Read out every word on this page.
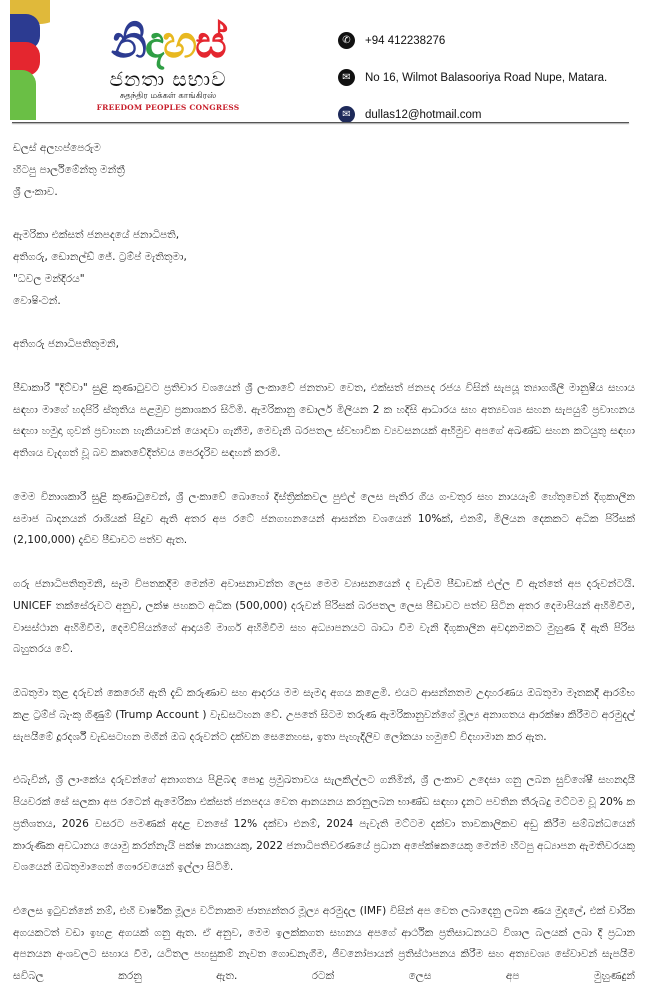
නි ද හ ස්
ජනතා සභාව
சுதந்திர மக்கள் காங்கிரஸ்
FREEDOM PEOPLES CONGRESS
✆	+94 412238276
✉	No 16, Wilmot Balasooriya Road Nupe, Matara.
✉	dullas12@hotmail.com

ඩලස් අලහප්පෙරුම

හිටපු පාර්ලිමේන්තු මන්ත්‍රී

ශ්‍රී ලංකාව.

ඇමරිකා එක්සත් ජනපදයේ ජනාධිපති,

අතිගරු, ඩොනල්ඩ් ජේ. ට්‍රම්ප් මැතිතුමා,

"ධවල මන්දිරය"

වොෂිංටන්.

අතිගරු ජනාධිපතිතුමනි,

පීඩාකාරී "දිට්වා" සුළි කුණාටුවට ප්‍රතිචාර වශයෙන් ශ්‍රී ලංකාවේ ජනතාව වෙත, එක්සත් ජනපද රජය විසින් සැපයූ ත්‍යාගශීලී මානුෂීය සහාය සඳහා මාගේ හදපිරි ස්තුතිය පළමුව ප්‍රකාශකර සිටිමි. ඇමරිකානු ඩොලර් මිලියන 2 ක හදිසි ආධාරය සහ අත්‍යවශ්‍ය සහන සැපයුම් ප්‍රවාහනය සඳහා හමුදා ගුවන් ප්‍රවාහන හැකියාවන් යොදවා ගැනීම, මෙවැනි බරපතල ස්වභාවික ව්‍යවසනයක් අභිමුව අපගේ අඛණ්ඩ සහන කටයුතු සඳහා අතිශය වැදගත් වූ බව කෘතවේදිත්වය පෙරදැරිව සඳහන් කරමි.

මෙම විනාශකාරී සුළි කුණාටුවෙන්, ශ්‍රී ලංකාවේ බොහෝ දිස්ත්‍රික්කවල පුළුල් ලෙස පැතිර ගිය ගංවතුර සහ නායයෑම් හේතුවෙන් දිගුකාලීන සමාජ බාදනයන් රාශියක් සිදුව ඇති අතර අප රටේ ජනගහනයෙන් ආසන්න වශයෙන් 10%ක්, එනම්, මිලියන දෙකකට අධික පිරිසක් (2,100,000) දැඩිව පීඩාවට පත්ව ඇත.

ගරු ජනාධිපතිතුමනි, සෑම විපතකදීම මෙන්ම අවාසනාවන්ත ලෙස මෙම ව්‍යාසනයෙන් ද වැඩිම පීඩාවක් එල්ල වී ඇත්තේ අප දරුවන්ටයි. UNICEF තක්සේරුවට අනුව, ලක්ෂ පහකට අධික (500,000) දරුවන් පිරිසක් බරපතල ලෙස පීඩාවට පත්ව සිටින අතර දෙමාපියන් අහිමිවීම, වාසස්ථාන අහිමිවීම, දෙමව්පියන්ගේ ආදායම් මාර්ග අහිමිවීම සහ අධ්‍යාපනයට බාධා වීම වැනි දිගුකාලීන අවදානමකට මුහුණ දී ඇති පිරිස බහුතරය වේ.

ඔබතුමා තුළ දරුවන් කෙරෙහි ඇති දැඩි කරුණාව සහ ආදරය මම සැමදා අගය කළෙමි. එයට ආසන්නතම උදාහරණය ඔබතුමා මෑතකදී ආරම්භ කළ ට්‍රම්ප් බැංකු ගිණුම් (Trump Account ) වැඩසටහන වේ. උපතේ සිටම තරුණ ඇමරිකානුවන්ගේ මූල්‍ය අනාගතය ආරක්ෂා කිරීමට අරමුදල් සැපයීමේ දූරදර්ශී වැඩසටහන මගින් ඔබ දරුවන්ට දක්වන සෙනෙහස, ඉතා පැහැදිලිව ලෝකයා හමුවේ විදහාමාන කර ඇත.

එබැවින්, ශ්‍රී ලාංකේය දරුවන්ගේ අනාගතය පිළිබඳ පොදු ප්‍රමුඛතාවය සැලකිල්ලට ගනිමින්, ශ්‍රී ලංකාව උදෙසා ගනු ලබන සුවිශේෂී සහනදායී පියවරක් සේ සලකා අප රටෙන් ඇමෙරිකා එක්සත් ජනපදය වෙත ආනයනය කරනුලබන භාණ්ඩ සඳහා දැනට පවතින තීරුබදු මට්ටම වූ 20% ක ප්‍රතිශතය, 2026 වසරට පමණක් අදාළ වනසේ 12% දක්වා එනම්, 2024 පැවැති මට්ටම දක්වා තාවකාලිකව අඩු කිරීම සම්බන්ධයෙන් කාරුණික අවධානය යොමු කරන්නැයි පක්ෂ නායකයකු, 2022 ජනාධිපතිවරණයේ ප්‍රධාන අපේක්ෂකයෙකු මෙන්ම හිටපු අධ්‍යාපන ඇමතිවරයකු වශයෙන් ඔබතුමාගෙන් ගෞරවයෙන් ඉල්ලා සිටිමි.

එලෙස ඉටුවන්නේ නම්, එහි වාර්ෂික මූල්‍ය වටිනාකම ජාත්‍යන්තර මූල්‍ය අරමුදල (IMF) විසින් අප වෙත ලබාදෙනු ලබන ණය මුදලේ, එක් වාරික අගයකටත් වඩා ඉහළ අගයක් ගනු ඇත. ඒ අනුව, මෙම ඉලක්කගත සහනය අපගේ ආර්ථික ප්‍රතිසාධනයට විශාල බලයක් ලබා දී ප්‍රධාන අපනයන අංශවලට සහාය වීම, යටිතල පහසුකම් නැවත ගොඩනැගීම, ජීවනෝපායන් ප්‍රතිස්ථාපනය කිරීම සහ අත්‍යවශ්‍ය සේවාවන් සැපයීම සවිබල කරනු ඇත. රටක් ලෙස අප මුහුණදුන්
